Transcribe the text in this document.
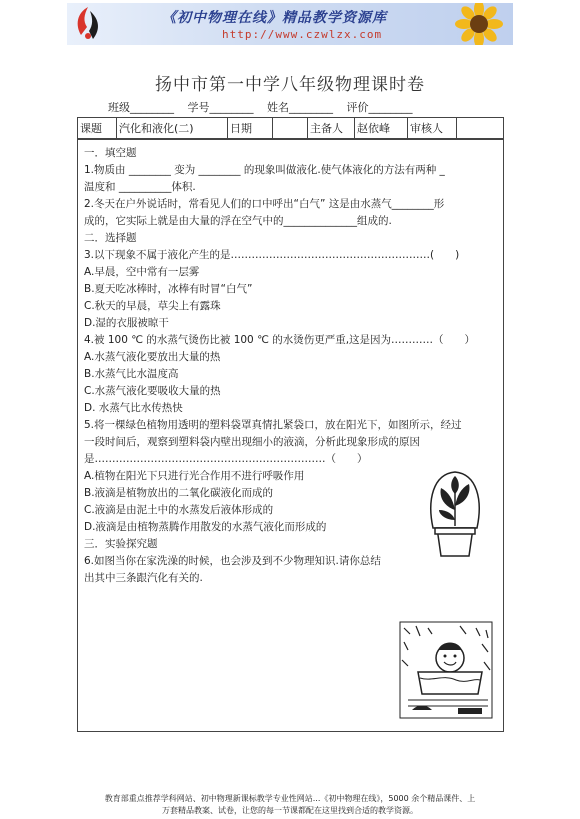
《初中物理在线》精品教学资源库
http://www.czwlzx.com
扬中市第一中学八年级物理课时卷
班级________ 学号________ 姓名________ 评价________
课题	汽化和液化(二)	日期		主备人	赵依峰	审核人	
一．填空题
1.物质由 ________ 变为 ________ 的现象叫做液化.使气体液化的方法有两种 _
温度和 __________体积.
2.冬天在户外说话时，常看见人们的口中呼出“白气” 这是由水蒸气________形
成的，它实际上就是由大量的浮在空气中的______________组成的.
二．选择题
3.以下现象不属于液化产生的是…………………………………………………(　　)
A.早晨，空中常有一层雾
B.夏天吃冰棒时，冰棒有时冒“白气”
C.秋天的早晨，草尖上有露珠
D.湿的衣服被晾干
4.被 100 ℃ 的水蒸气烫伤比被 100 ℃ 的水烫伤更严重,这是因为…………（　　）
A.水蒸气液化要放出大量的热
B.水蒸气比水温度高
C.水蒸气液化要吸收大量的热
D. 水蒸气比水传热快
5.将一棵绿色植物用透明的塑料袋罩真情扎紧袋口，放在阳光下，如图所示，经过
一段时间后，观察到塑料袋内壁出现细小的液滴，分析此现象形成的原因
是…………………………………………………………（　　）
A.植物在阳光下只进行光合作用不进行呼吸作用
B.液滴是植物放出的二氧化碳液化而成的
C.液滴是由泥土中的水蒸发后液体形成的
D.液滴是由植物蒸腾作用散发的水蒸气液化而形成的
三．实验探究题
6.如图当你在家洗澡的时候，也会涉及到不少物理知识.请你总结
出其中三条跟汽化有关的.
教育部重点推荐学科网站、初中物理新课标教学专业性网站...《初中物理在线》，5000 余个精品课件、上
万套精品教案、试卷，让您的每一节课都配在这里找到合适的教学资源。
